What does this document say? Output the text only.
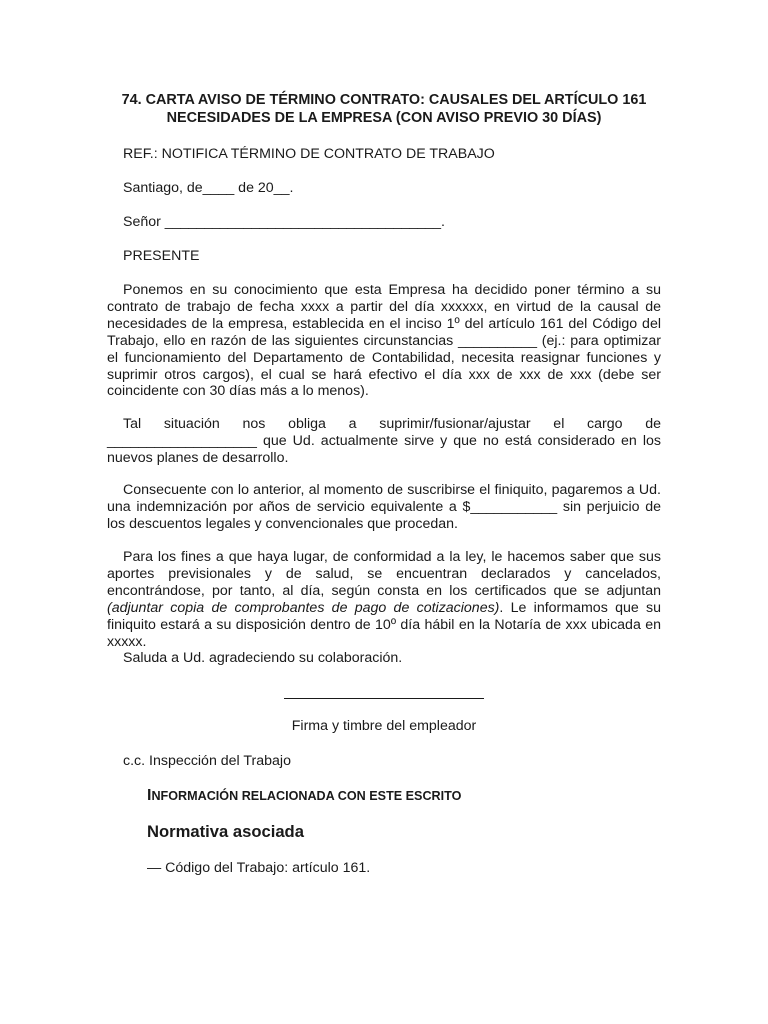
74. CARTA AVISO DE TÉRMINO CONTRATO: CAUSALES DEL ARTÍCULO 161 NECESIDADES DE LA EMPRESA (CON AVISO PREVIO 30 DÍAS)

REF.: NOTIFICA TÉRMINO DE CONTRATO DE TRABAJO

Santiago, de____ de 20__.

Señor ___________________________________.

PRESENTE

Ponemos en su conocimiento que esta Empresa ha decidido poner término a su contrato de trabajo de fecha xxxx a partir del día xxxxxx, en virtud de la causal de necesidades de la empresa, establecida en el inciso 1º del artículo 161 del Código del Trabajo, ello en razón de las siguientes circunstancias __________ (ej.: para optimizar el funcionamiento del Departamento de Contabilidad, necesita reasignar funciones y suprimir otros cargos), el cual se hará efectivo el día xxx de xxx de xxx (debe ser coincidente con 30 días más a lo menos).

Tal situación nos obliga a suprimir/fusionar/ajustar el cargo de ___________________ que Ud. actualmente sirve y que no está considerado en los nuevos planes de desarrollo.

Consecuente con lo anterior, al momento de suscribirse el finiquito, pagaremos a Ud. una indemnización por años de servicio equivalente a $___________ sin perjuicio de los descuentos legales y convencionales que procedan.

Para los fines a que haya lugar, de conformidad a la ley, le hacemos saber que sus aportes previsionales y de salud, se encuentran declarados y cancelados, encontrándose, por tanto, al día, según consta en los certificados que se adjuntan (adjuntar copia de comprobantes de pago de cotizaciones). Le informamos que su finiquito estará a su disposición dentro de 10º día hábil en la Notaría de xxx ubicada en xxxxx.

Saluda a Ud. agradeciendo su colaboración.

Firma y timbre del empleador

c.c. Inspección del Trabajo

INFORMACIÓN RELACIONADA CON ESTE ESCRITO
Normativa asociada

— Código del Trabajo: artículo 161.
